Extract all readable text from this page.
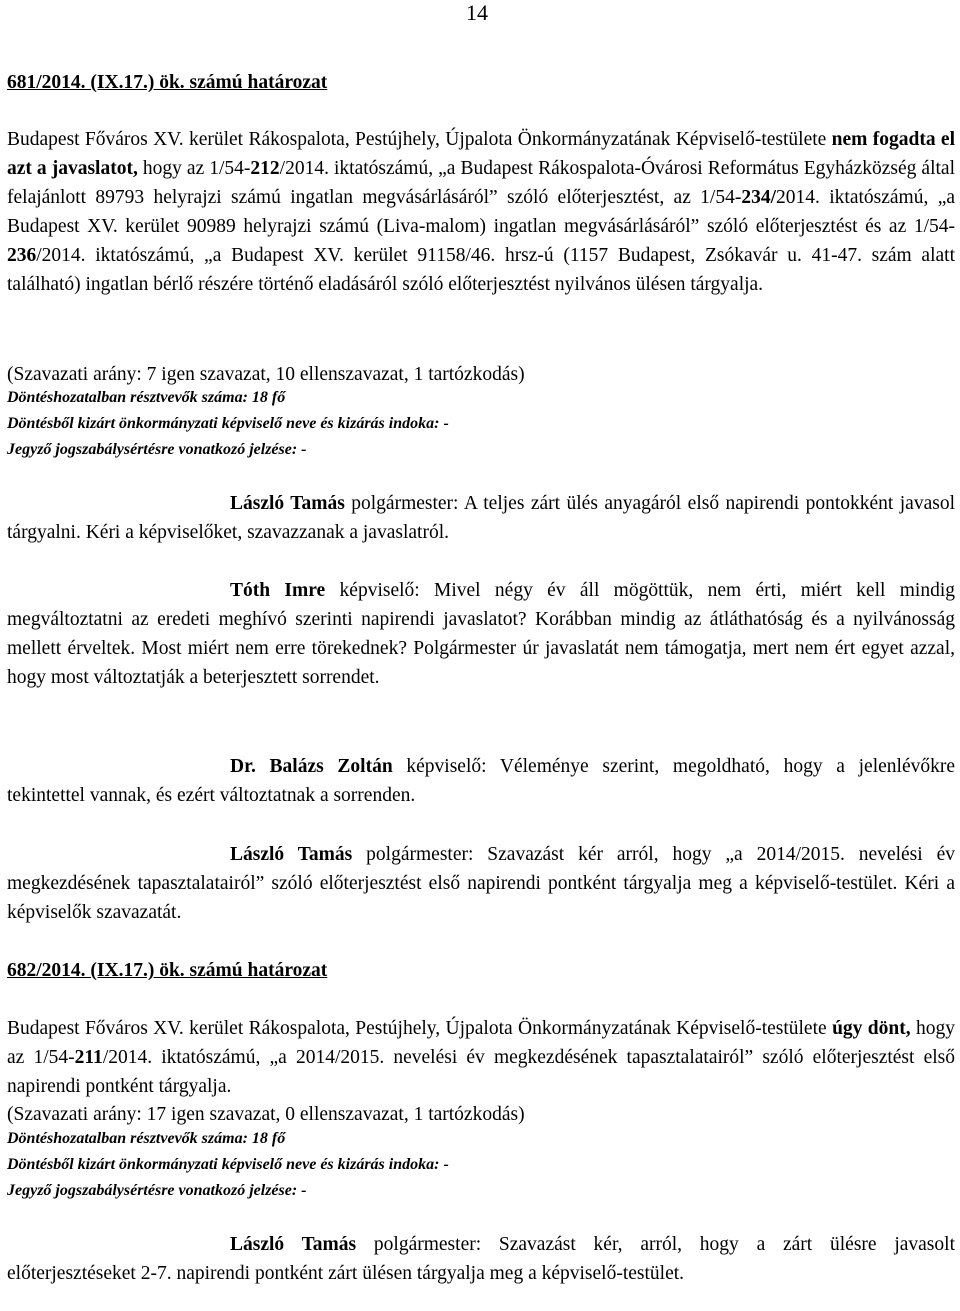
14
681/2014. (IX.17.) ök. számú határozat
Budapest Főváros XV. kerület Rákospalota, Pestújhely, Újpalota Önkormányzatának Képviselő-testülete nem fogadta el azt a javaslatot, hogy az 1/54-212/2014. iktatószámú, „a Budapest Rákospalota-Óvárosi Református Egyházközség által felajánlott 89793 helyrajzi számú ingatlan megvásárlásáról” szóló előterjesztést, az 1/54-234/2014. iktatószámú, „a Budapest XV. kerület 90989 helyrajzi számú (Liva-malom) ingatlan megvásárlásáról” szóló előterjesztést és az 1/54-236/2014. iktatószámú, „a Budapest XV. kerület 91158/46. hrsz-ú (1157 Budapest, Zsókavár u. 41-47. szám alatt található) ingatlan bérlő részére történő eladásáról szóló előterjesztést nyilvános ülésen tárgyalja.
(Szavazati arány: 7 igen szavazat, 10 ellenszavazat, 1 tartózkodás)
Döntéshozatalban résztvevők száma: 18 fő
Döntésből kizárt önkormányzati képviselő neve és kizárás indoka: -
Jegyző jogszabálysértésre vonatkozó jelzése: -
László Tamás polgármester: A teljes zárt ülés anyagáról első napirendi pontokként javasol tárgyalni. Kéri a képviselőket, szavazzanak a javaslatról.
Tóth Imre képviselő: Mivel négy év áll mögöttük, nem érti, miért kell mindig megváltoztatni az eredeti meghívó szerinti napirendi javaslatot? Korábban mindig az átláthatóság és a nyilvánosság mellett érveltek. Most miért nem erre törekednek? Polgármester úr javaslatát nem támogatja, mert nem ért egyet azzal, hogy most változtatják a beterjesztett sorrendet.
Dr. Balázs Zoltán képviselő: Véleménye szerint, megoldható, hogy a jelenlévőkre tekintettel vannak, és ezért változtatnak a sorrenden.
László Tamás polgármester: Szavazást kér arról, hogy „a 2014/2015. nevelési év megkezdésének tapasztalatairól” szóló előterjesztést első napirendi pontként tárgyalja meg a képviselő-testület. Kéri a képviselők szavazatát.
682/2014. (IX.17.) ök. számú határozat
Budapest Főváros XV. kerület Rákospalota, Pestújhely, Újpalota Önkormányzatának Képviselő-testülete úgy dönt, hogy az 1/54-211/2014. iktatószámú, „a 2014/2015. nevelési év megkezdésének tapasztalatairól” szóló előterjesztést első napirendi pontként tárgyalja.
(Szavazati arány: 17 igen szavazat, 0 ellenszavazat, 1 tartózkodás)
Döntéshozatalban résztvevők száma: 18 fő
Döntésből kizárt önkormányzati képviselő neve és kizárás indoka: -
Jegyző jogszabálysértésre vonatkozó jelzése: -
László Tamás polgármester: Szavazást kér, arról, hogy a zárt ülésre javasolt előterjesztéseket 2-7. napirendi pontként zárt ülésen tárgyalja meg a képviselő-testület.
